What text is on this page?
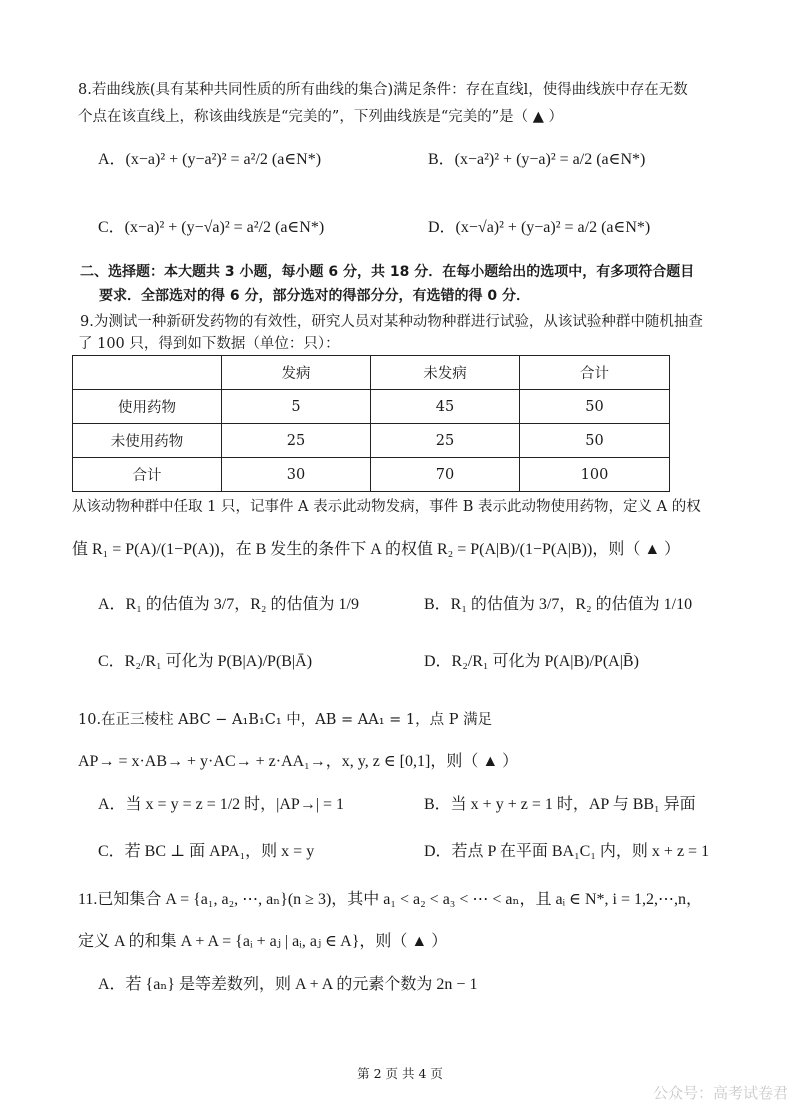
8.若曲线族(具有某种共同性质的所有曲线的集合)满足条件：存在直线l，使得曲线族中存在无数
个点在该直线上，称该曲线族是“完美的”，下列曲线族是“完美的”是（ ▲ ）
A．(x−a)² + (y−a²)² = a²/2 (a∈N*)	B．(x−a²)² + (y−a)² = a/2 (a∈N*)
C．(x−a)² + (y−√a)² = a²/2 (a∈N*)	D．(x−√a)² + (y−a)² = a/2 (a∈N*)
二、选择题：本大题共 3 小题，每小题 6 分，共 18 分．在每小题给出的选项中，有多项符合题目
要求．全部选对的得 6 分，部分选对的得部分分，有选错的得 0 分．
9.为测试一种新研发药物的有效性，研究人员对某种动物种群进行试验，从该试验种群中随机抽查
了 100 只，得到如下数据（单位：只）：
	发病	未发病	合计
使用药物	5	45	50
未使用药物	25	25	50
合计	30	70	100
从该动物种群中任取 1 只，记事件 A 表示此动物发病，事件 B 表示此动物使用药物，定义 A 的权
值 R₁ = P(A)/(1−P(A))，在 B 发生的条件下 A 的权值 R₂ = P(A|B)/(1−P(A|B))，则（ ▲ ）
A．R₁ 的估值为 3/7，R₂ 的估值为 1/9	B．R₁ 的估值为 3/7，R₂ 的估值为 1/10
C．R₂/R₁ 可化为 P(B|A)/P(B|Ā)	D．R₂/R₁ 可化为 P(A|B)/P(A|B̄)
10.在正三棱柱 ABC − A₁B₁C₁ 中，AB = AA₁ = 1，点 P 满足
AP→ = x·AB→ + y·AC→ + z·AA₁→，x, y, z ∈ [0,1]，则（ ▲ ）
A．当 x = y = z = 1/2 时，|AP→| = 1	B．当 x + y + z = 1 时，AP 与 BB₁ 异面
C．若 BC ⊥ 面 APA₁，则 x = y	D．若点 P 在平面 BA₁C₁ 内，则 x + z = 1
11.已知集合 A = {a₁, a₂, ⋯, aₙ}(n ≥ 3)，其中 a₁ < a₂ < a₃ < ⋯ < aₙ，且 aᵢ ∈ N*, i = 1,2,⋯,n，
定义 A 的和集 A + A = {aᵢ + aⱼ | aᵢ, aⱼ ∈ A}，则（ ▲ ）
A．若 {aₙ} 是等差数列，则 A + A 的元素个数为 2n − 1
第 2 页 共 4 页
公众号：高考试卷君
